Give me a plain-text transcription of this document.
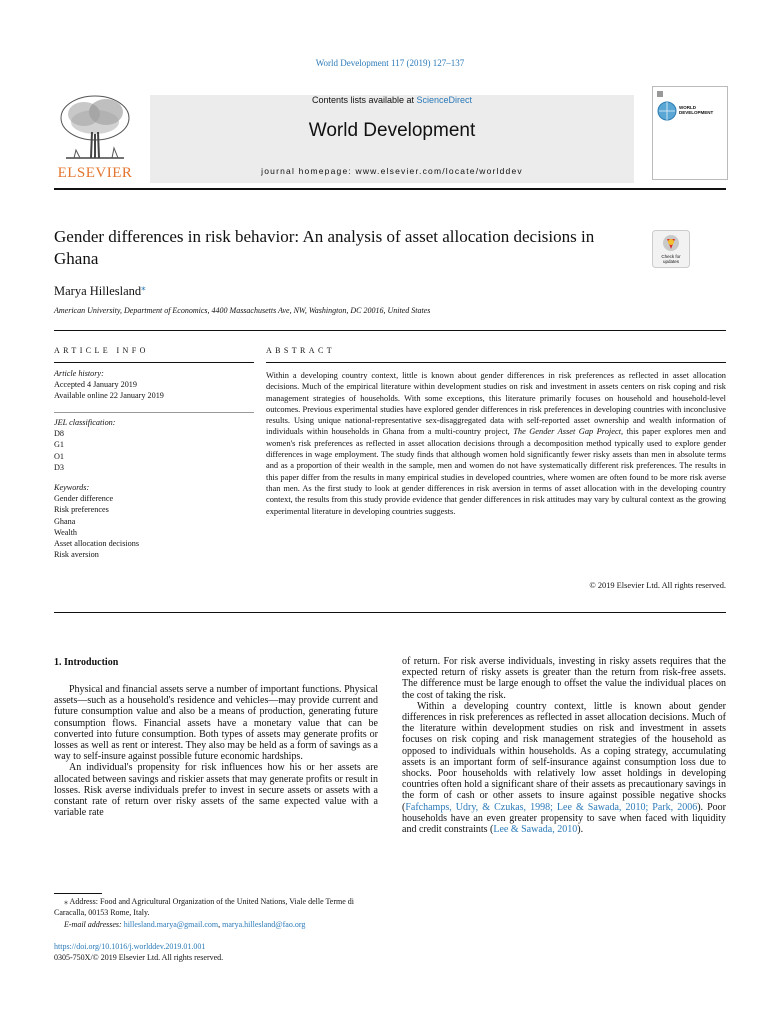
World Development 117 (2019) 127–137
ELSEVIER
Contents lists available at ScienceDirect
World Development
journal homepage: www.elsevier.com/locate/worlddev
WORLD DEVELOPMENT
Gender differences in risk behavior: An analysis of asset allocation decisions in Ghana	Check for updates
Marya Hillesland⁎
American University, Department of Economics, 4400 Massachusetts Ave, NW, Washington, DC 20016, United States
ARTICLE INFO
Article history:
Accepted 4 January 2019
Available online 22 January 2019
JEL classification:
D8
G1
O1
D3
Keywords:
Gender difference
Risk preferences
Ghana
Wealth
Asset allocation decisions
Risk aversion
ABSTRACT
Within a developing country context, little is known about gender differences in risk preferences as reflected in asset allocation decisions. Much of the empirical literature within development studies on risk and investment in assets centers on risk coping and risk management strategies of households. With some exceptions, this literature primarily focuses on household and household-level outcomes. Previous experimental studies have explored gender differences in risk preferences in developing countries with inconclusive results. Using unique national-representative sex-disaggregated data with self-reported asset ownership and wealth information of individuals within households in Ghana from a multi-country project, The Gender Asset Gap Project, this paper explores men and women's risk preferences as reflected in asset allocation decisions through a decomposition method typically used to explore gender differences in wage employment. The study finds that although women hold significantly fewer risky assets than men in absolute terms and as a proportion of their wealth in the sample, men and women do not have systematically different risk preferences. The results in this paper differ from the results in many empirical studies in developed countries, where women are often found to be more risk averse than men. As the first study to look at gender differences in risk aversion in terms of asset allocation with in the developing country context, the results from this study provide evidence that gender differences in risk attitudes may vary by cultural context as the growing experimental literature in developing countries suggests.
© 2019 Elsevier Ltd. All rights reserved.
1. Introduction

Physical and financial assets serve a number of important functions. Physical assets—such as a household's residence and vehicles—may provide current and future consumption value and also be a means of production, generating future consumption flows. Financial assets have a monetary value that can be converted into future consumption. Both types of assets may generate profits or losses as well as rent or interest. They also may be held as a form of savings as a way to self-insure against possible future economic hardships.

An individual's propensity for risk influences how his or her assets are allocated between savings and riskier assets that may generate profits or result in losses. Risk averse individuals prefer to invest in secure assets or assets with a constant rate of return over risky assets of the same expected value with a variable rate

of return. For risk averse individuals, investing in risky assets requires that the expected return of risky assets is greater than the return from risk-free assets. The difference must be large enough to offset the value the individual places on the cost of taking the risk.

Within a developing country context, little is known about gender differences in risk preferences as reflected in asset allocation decisions. Much of the literature within development studies on risk and investment in assets focuses on risk coping and risk management strategies of the household as opposed to individuals within households. As a coping strategy, accumulating assets is an important form of self-insurance against consumption loss due to shocks. Poor households with relatively low asset holdings in developing countries often hold a significant share of their assets as precautionary savings in the form of cash or other assets to insure against possible negative shocks (Fafchamps, Udry, & Czukas, 1998; Lee & Sawada, 2010; Park, 2006). Poor households have an even greater propensity to save when faced with liquidity and credit constraints (Lee & Sawada, 2010).

⁎ Address: Food and Agricultural Organization of the United Nations, Viale delle Terme di Caracalla, 00153 Rome, Italy.
E-mail addresses: hillesland.marya@gmail.com, marya.hillesland@fao.org
https://doi.org/10.1016/j.worlddev.2019.01.001
0305-750X/© 2019 Elsevier Ltd. All rights reserved.
